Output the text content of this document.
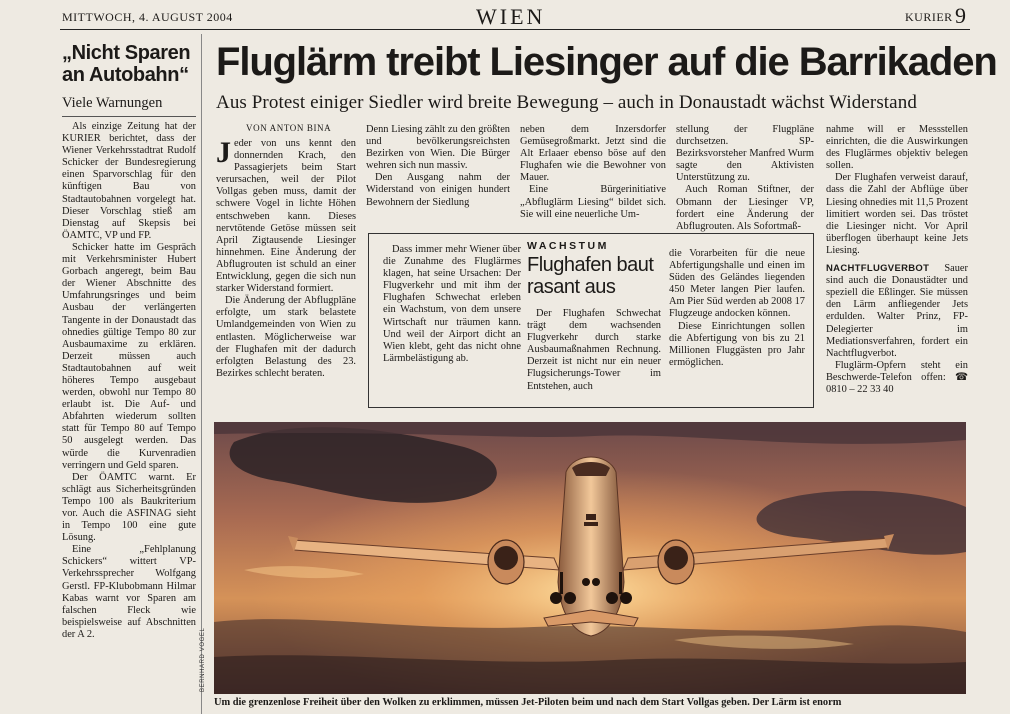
MITTWOCH, 4. AUGUST 2004	WIEN	KURIER 9
„Nicht Sparen an Autobahn“
Viele Warnungen

Als einzige Zeitung hat der KURIER berichtet, dass der Wiener Verkehrsstadtrat Rudolf Schicker der Bundesregierung einen Sparvorschlag für den künftigen Bau von Stadtautobahnen vorgelegt hat. Dieser Vorschlag stieß am Dienstag auf Skepsis bei ÖAMTC, VP und FP.

Schicker hatte im Gespräch mit Verkehrsminister Hubert Gorbach angeregt, beim Bau der Wiener Abschnitte des Umfahrungsringes und beim Ausbau der verlängerten Tangente in der Donaustadt das ohnedies gültige Tempo 80 zur Ausbaumaxime zu erklären. Derzeit müssen auch Stadtautobahnen auf weit höheres Tempo ausgebaut werden, obwohl nur Tempo 80 erlaubt ist. Die Auf- und Abfahrten wiederum sollten statt für Tempo 80 auf Tempo 50 ausgelegt werden. Das würde die Kurvenradien verringern und Geld sparen.

Der ÖAMTC warnt. Er schlägt aus Sicherheitsgründen Tempo 100 als Baukriterium vor. Auch die ASFINAG sieht in Tempo 100 eine gute Lösung.

Eine „Fehlplanung Schickers“ wittert VP-Verkehrssprecher Wolfgang Gerstl. FP-Klubobmann Hilmar Kabas warnt vor Sparen am falschen Fleck wie beispielsweise auf Abschnitten der A 2.

Fluglärm treibt Liesinger auf die Barrikaden
Aus Protest einiger Siedler wird breite Bewegung – auch in Donaustadt wächst Widerstand
VON ANTON BINA

Jeder von uns kennt den donnernden Krach, den Passagierjets beim Start verursachen, weil der Pilot Vollgas geben muss, damit der schwere Vogel in lichte Höhen entschweben kann. Dieses nervtötende Getöse müssen seit April Zigtausende Liesinger hinnehmen. Eine Änderung der Abflugrouten ist schuld an einer Entwicklung, gegen die sich nun starker Widerstand formiert.

Die Änderung der Abflugpläne erfolgte, um stark belastete Umlandgemeinden von Wien zu entlasten. Möglicherweise war der Flughafen mit der dadurch erfolgten Belastung des 23. Bezirkes schlecht beraten.

Denn Liesing zählt zu den größten und bevölkerungsreichsten Bezirken von Wien. Die Bürger wehren sich nun massiv.

Den Ausgang nahm der Widerstand von einigen hundert Bewohnern der Siedlung

neben dem Inzersdorfer Gemüsegroßmarkt. Jetzt sind die Alt Erlaaer ebenso böse auf den Flughafen wie die Bewohner von Mauer.

Eine Bürgerinitiative „Abfluglärm Liesing“ bildet sich. Sie will eine neuerliche Um-

stellung der Flugpläne durchsetzen. SP-Bezirksvorsteher Manfred Wurm sagte den Aktivisten Unterstützung zu.

Auch Roman Stiftner, der Obmann der Liesinger VP, fordert eine Änderung der Abflugrouten. Als Sofortmaß-

nahme will er Messstellen einrichten, die die Auswirkungen des Fluglärmes objektiv belegen sollen.

Der Flughafen verweist darauf, dass die Zahl der Abflüge über Liesing ohnedies mit 11,5 Prozent limitiert worden sei. Das tröstet die Liesinger nicht. Vor April überflogen überhaupt keine Jets Liesing.

NACHTFLUGVERBOT Sauer sind auch die Donaustädter und speziell die Eßlinger. Sie müssen den Lärm anfliegender Jets erdulden. Walter Prinz, FP-Delegierter im Mediationsverfahren, fordert ein Nachtflugverbot.

Fluglärm-Opfern steht ein Beschwerde-Telefon offen: ☎ 0810 – 22 33 40

Dass immer mehr Wiener über die Zunahme des Fluglärmes klagen, hat seine Ursachen: Der Flugverkehr und mit ihm der Flughafen Schwechat erleben ein Wachstum, von dem unsere Wirtschaft nur träumen kann. Und weil der Airport dicht an Wien klebt, geht das nicht ohne Lärmbelästigung ab.

WACHSTUM
Flughafen baut rasant aus

Der Flughafen Schwechat trägt dem wachsenden Flugverkehr durch starke Ausbaumaßnahmen Rechnung. Derzeit ist nicht nur ein neuer Flugsicherungs-Tower im Entstehen, auch

die Vorarbeiten für die neue Abfertigungshalle und einen im Süden des Geländes liegenden 450 Meter langen Pier laufen. Am Pier Süd werden ab 2008 17 Flugzeuge andocken können.

Diese Einrichtungen sollen die Abfertigung von bis zu 21 Millionen Fluggästen pro Jahr ermöglichen.

BERNHARD VOGEL
Um die grenzenlose Freiheit über den Wolken zu erklimmen, müssen Jet-Piloten beim und nach dem Start Vollgas geben. Der Lärm ist enorm
